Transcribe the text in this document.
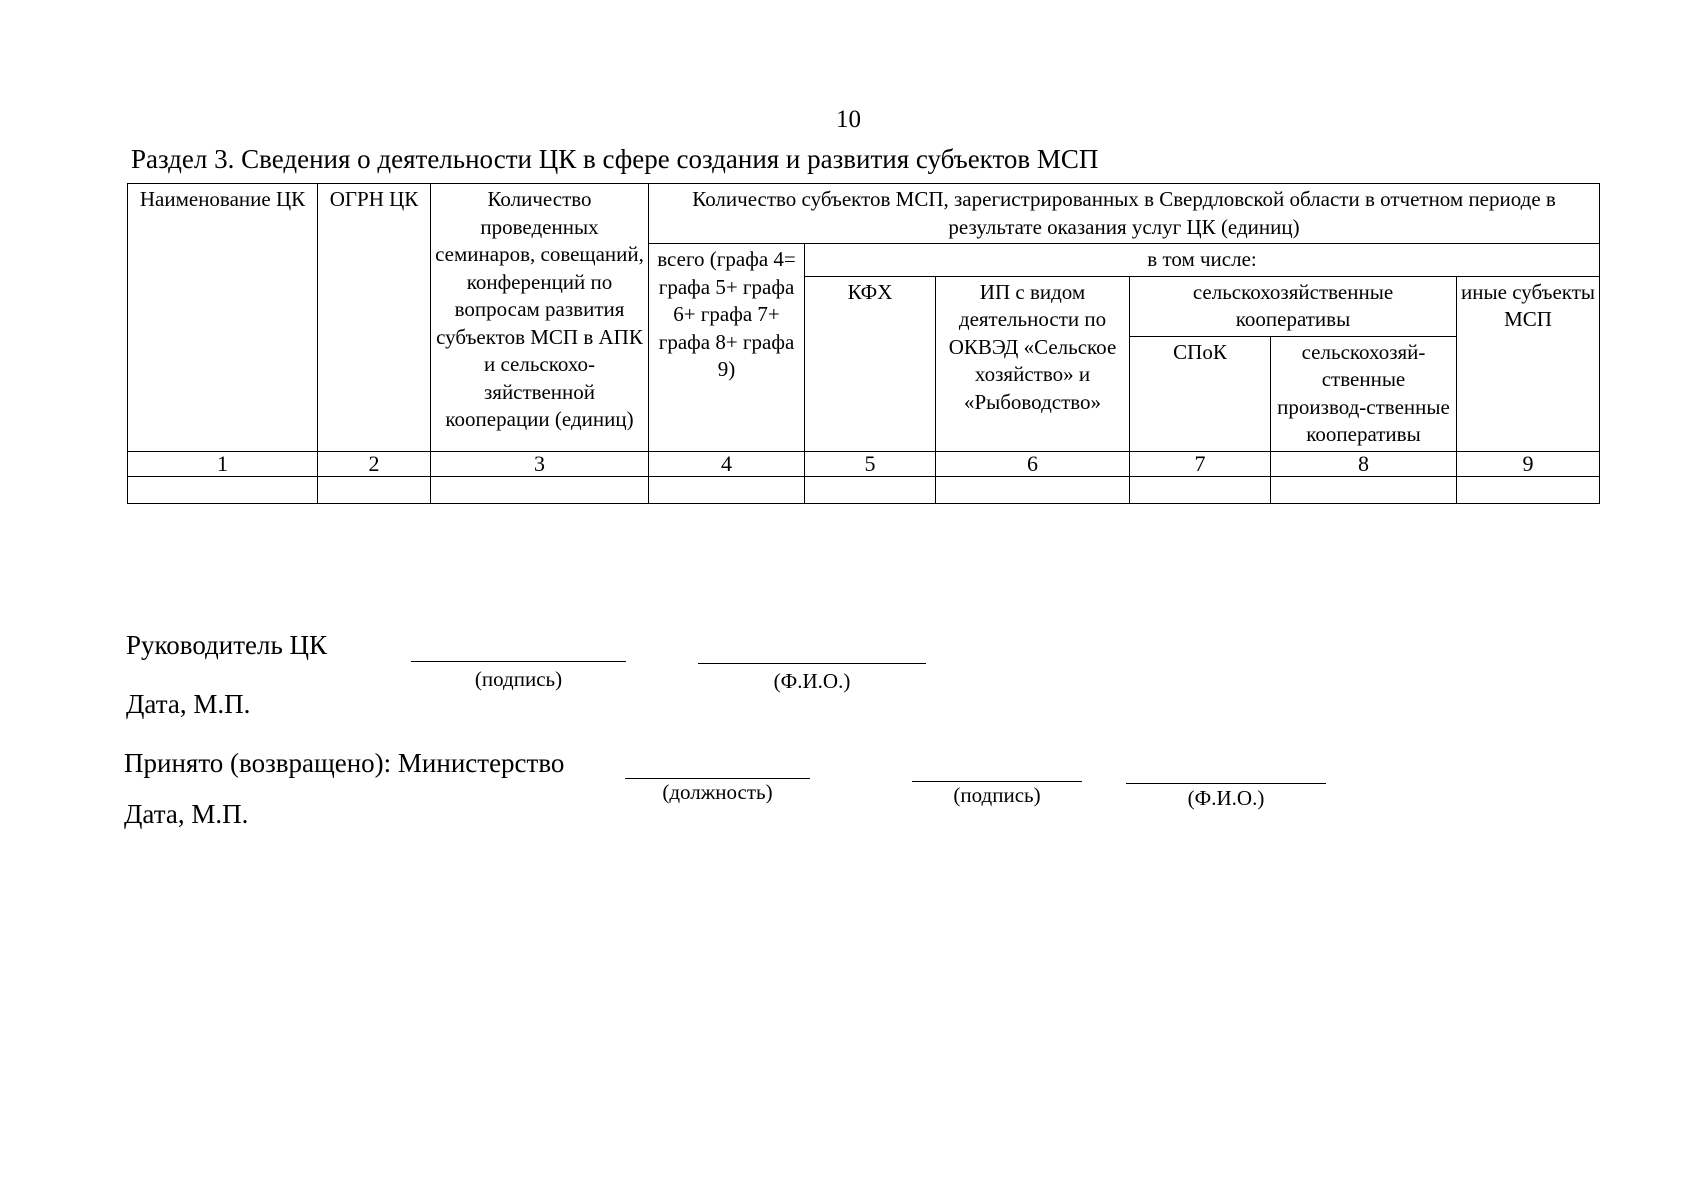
10
Раздел 3. Сведения о деятельности ЦК в сфере создания и развития субъектов МСП
Наименование ЦК	ОГРН ЦК	Количество проведенных семинаров, совещаний, конференций по вопросам развития субъектов МСП в АПК и сельскохо-зяйственной кооперации (единиц)	Количество субъектов МСП, зарегистрированных в Свердловской области в отчетном периоде в результате оказания услуг ЦК (единиц)					
			всего (графа 4= графа 5+ графа 6+ графа 7+ графа 8+ графа 9)	в том числе:				
				КФХ	ИП с видом деятельности по ОКВЭД «Сельское хозяйство» и «Рыбоводство»	сельскохозяйственные кооперативы		иные субъекты МСП
						СПоК	сельскохозяй-ственные производ-ственные кооперативы	

1	2	3	4	5	6	7	8	9

Руководитель ЦК
(подпись)	(Ф.И.О.)
Дата, М.П.
Принято (возвращено): Министерство
(должность)	(подпись)	(Ф.И.О.)
Дата, М.П.
